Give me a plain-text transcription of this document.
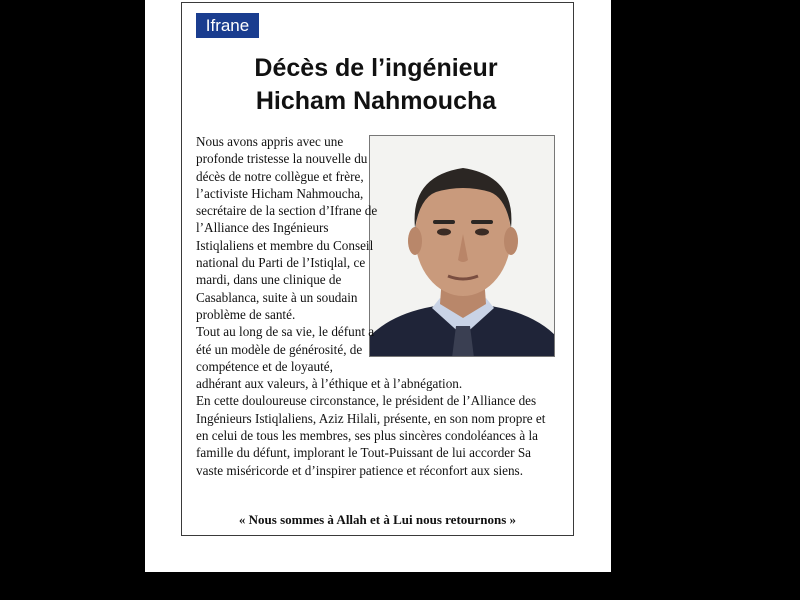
Ifrane
Décès de l’ingénieur
Hicham Nahmoucha

Nous avons appris avec une profonde tristesse la nouvelle du décès de notre collègue et frère, l’activiste Hicham Nahmoucha, secrétaire de la section d’Ifrane de l’Alliance des Ingénieurs Istiqlaliens et membre du Conseil national du Parti de l’Istiqlal, ce mardi, dans une clinique de Casablanca, suite à un soudain problème de santé.

Tout au long de sa vie, le défunt a été un modèle de générosité, de compétence et de loyauté, adhérant aux valeurs, à l’éthique et à l’abnégation.

En cette douloureuse circonstance, le président de l’Alliance des Ingénieurs Istiqlaliens, Aziz Hilali, présente, en son nom propre et en celui de tous les membres, ses plus sincères condoléances à la famille du défunt, implorant le Tout-Puissant de lui accorder Sa vaste miséricorde et d’inspirer patience et réconfort aux siens.

« Nous sommes à Allah et à Lui nous retournons »
